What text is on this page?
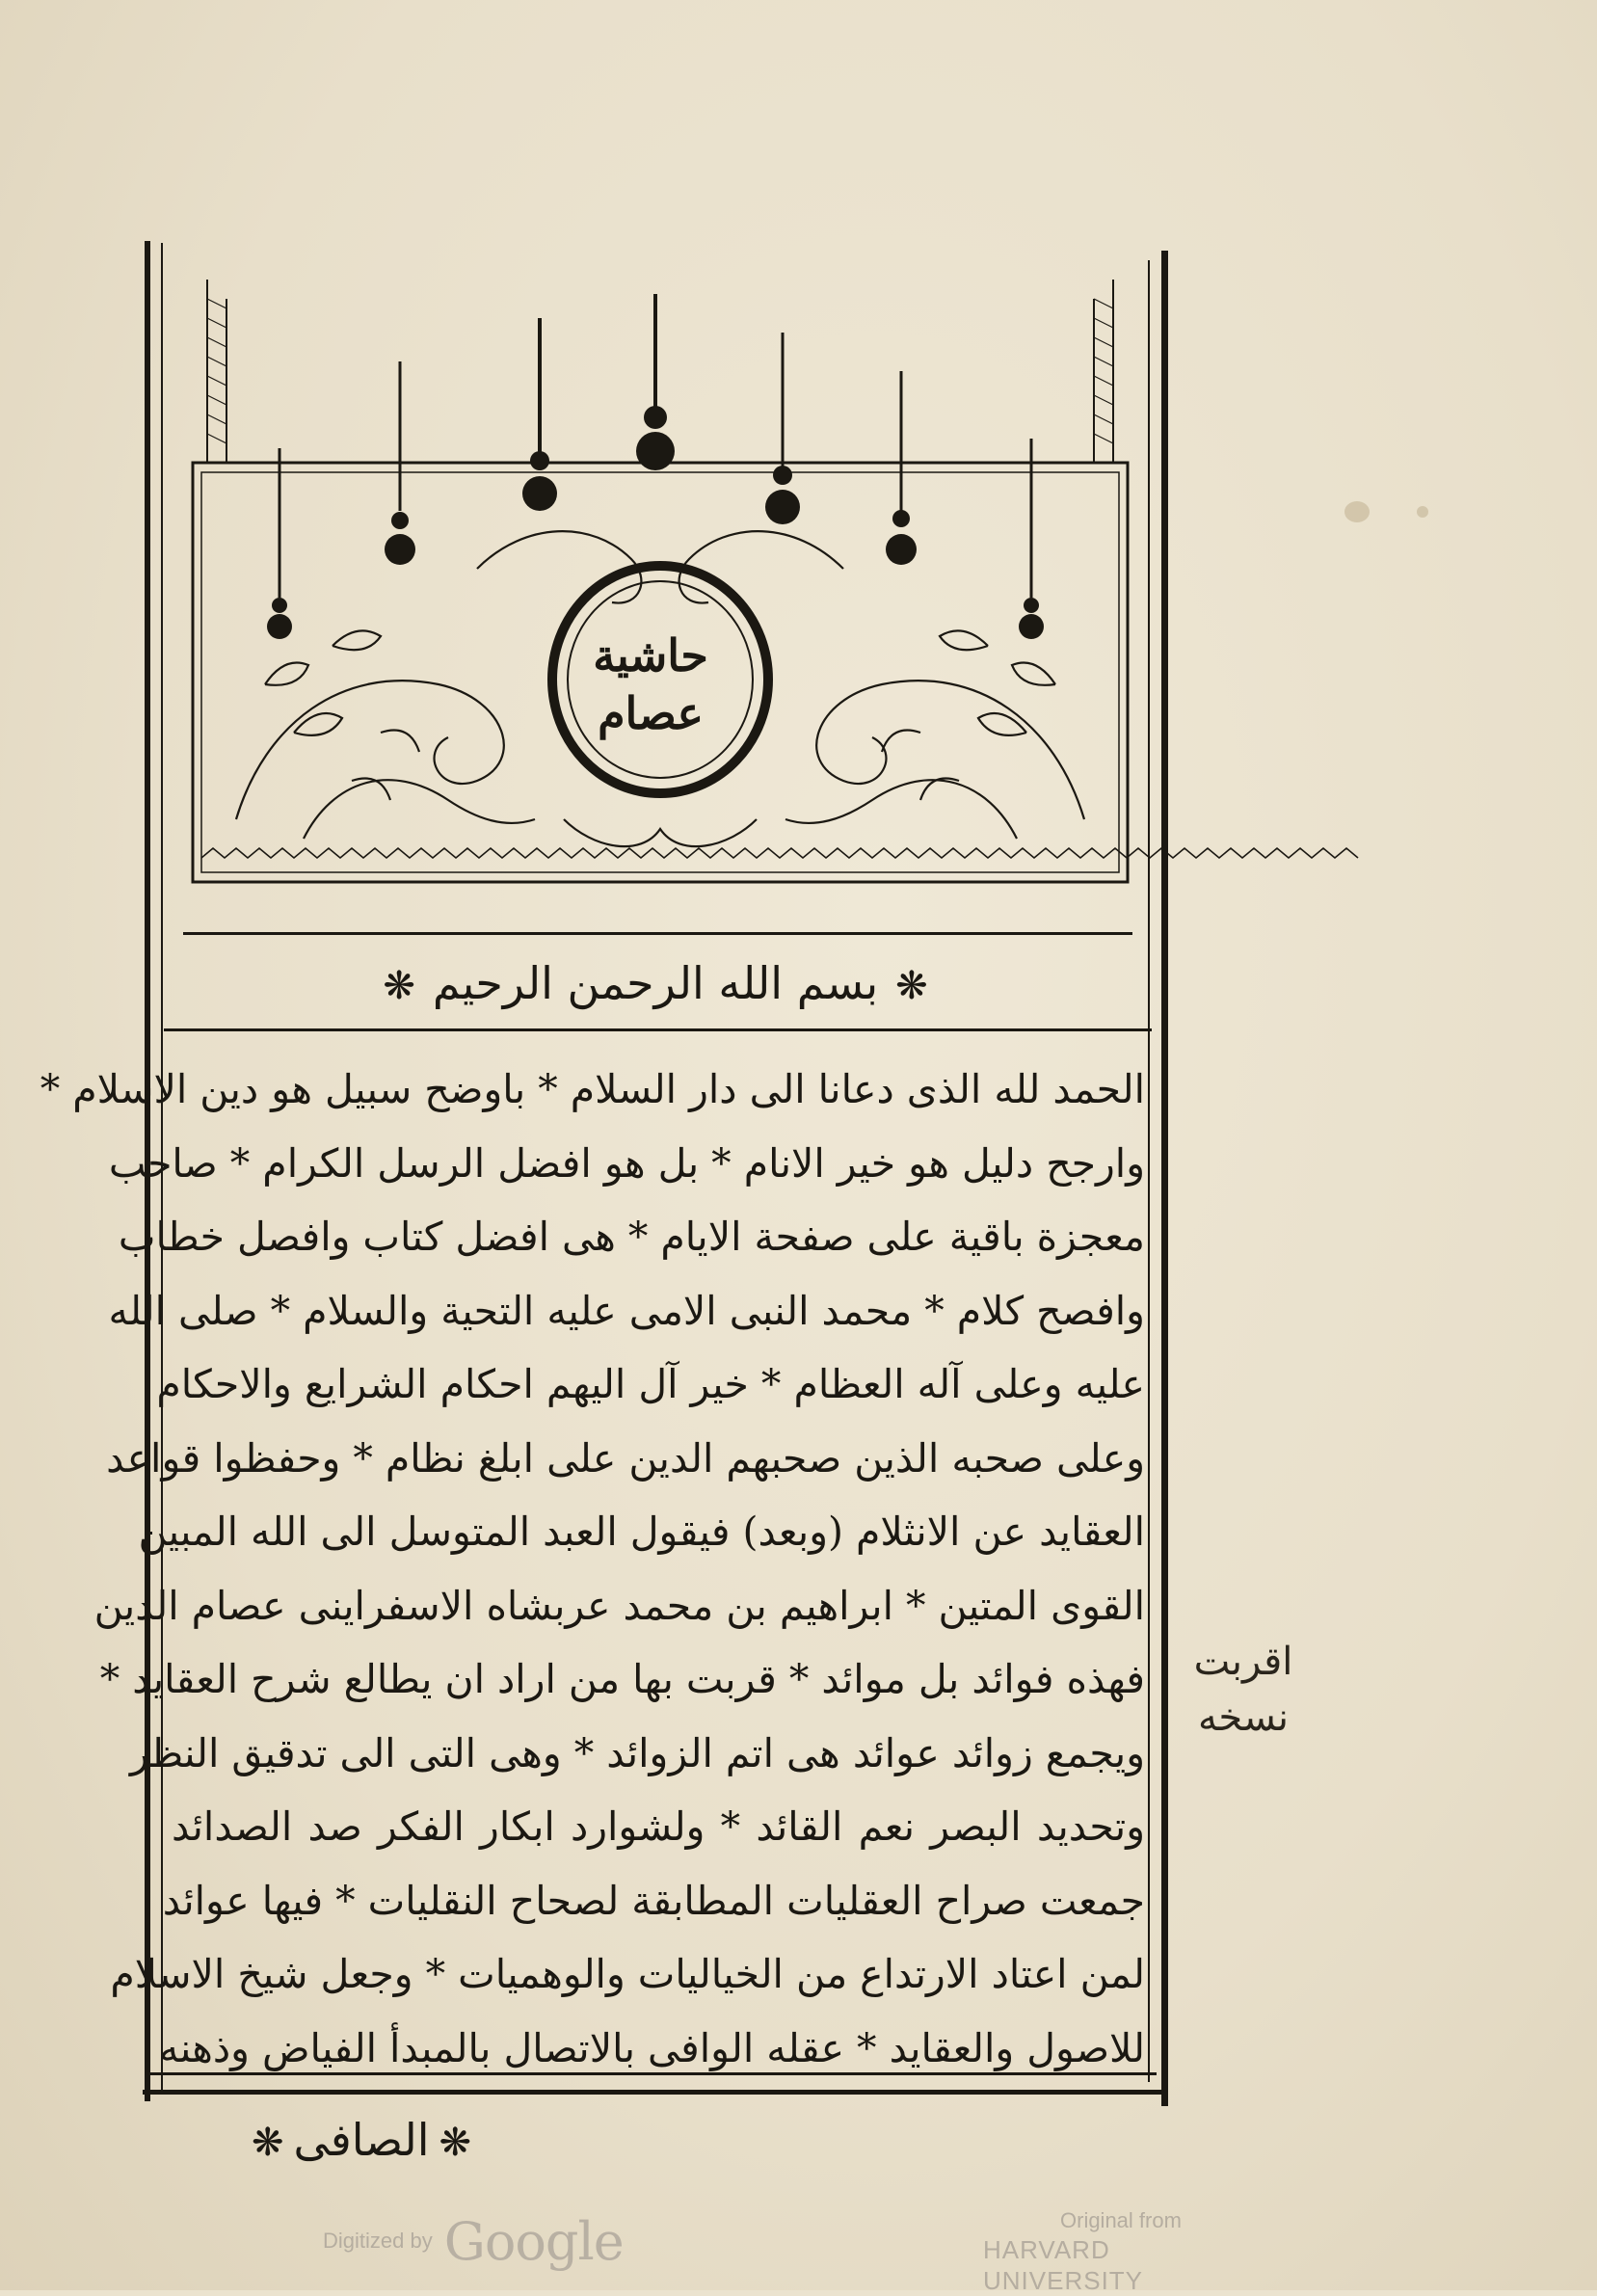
حاشية
عصام
❋بسم الله الرحمن الرحيم❋
الحمد لله الذى دعانا الى دار السلام * باوضح سبيل هو دين الاسلام *
وارجح دليل هو خير الانام * بل هو افضل الرسل الكرام * صاحب
معجزة باقية على صفحة الايام * هى افضل كتاب وافصل خطاب
وافصح كلام * محمد النبى الامى عليه التحية والسلام * صلى الله
عليه وعلى آله العظام * خير آل اليهم احكام الشرايع والاحكام
وعلى صحبه الذين صحبهم الدين على ابلغ نظام * وحفظوا قواعد
العقايد عن الانثلام (وبعد) فيقول العبد المتوسل الى الله المبين
القوى المتين * ابراهيم بن محمد عربشاه الاسفراينى عصام الدين
فهذه فوائد بل موائد * قربت بها من اراد ان يطالع شرح العقايد *
ويجمع زوائد عوائد هى اتم الزوائد * وهى التى الى تدقيق النظر
وتحديد البصر نعم القائد * ولشوارد ابكار الفكر صد الصدائد
جمعت صراح العقليات المطابقة لصحاح النقليات * فيها عوائد
لمن اعتاد الارتداع من الخياليات والوهميات * وجعل شيخ الاسلام
للاصول والعقايد * عقله الوافى بالاتصال بالمبدأ الفياض وذهنه
اقربت
نسخه
❋الصافى❋
Digitized by Google	Original from
HARVARD UNIVERSITY
